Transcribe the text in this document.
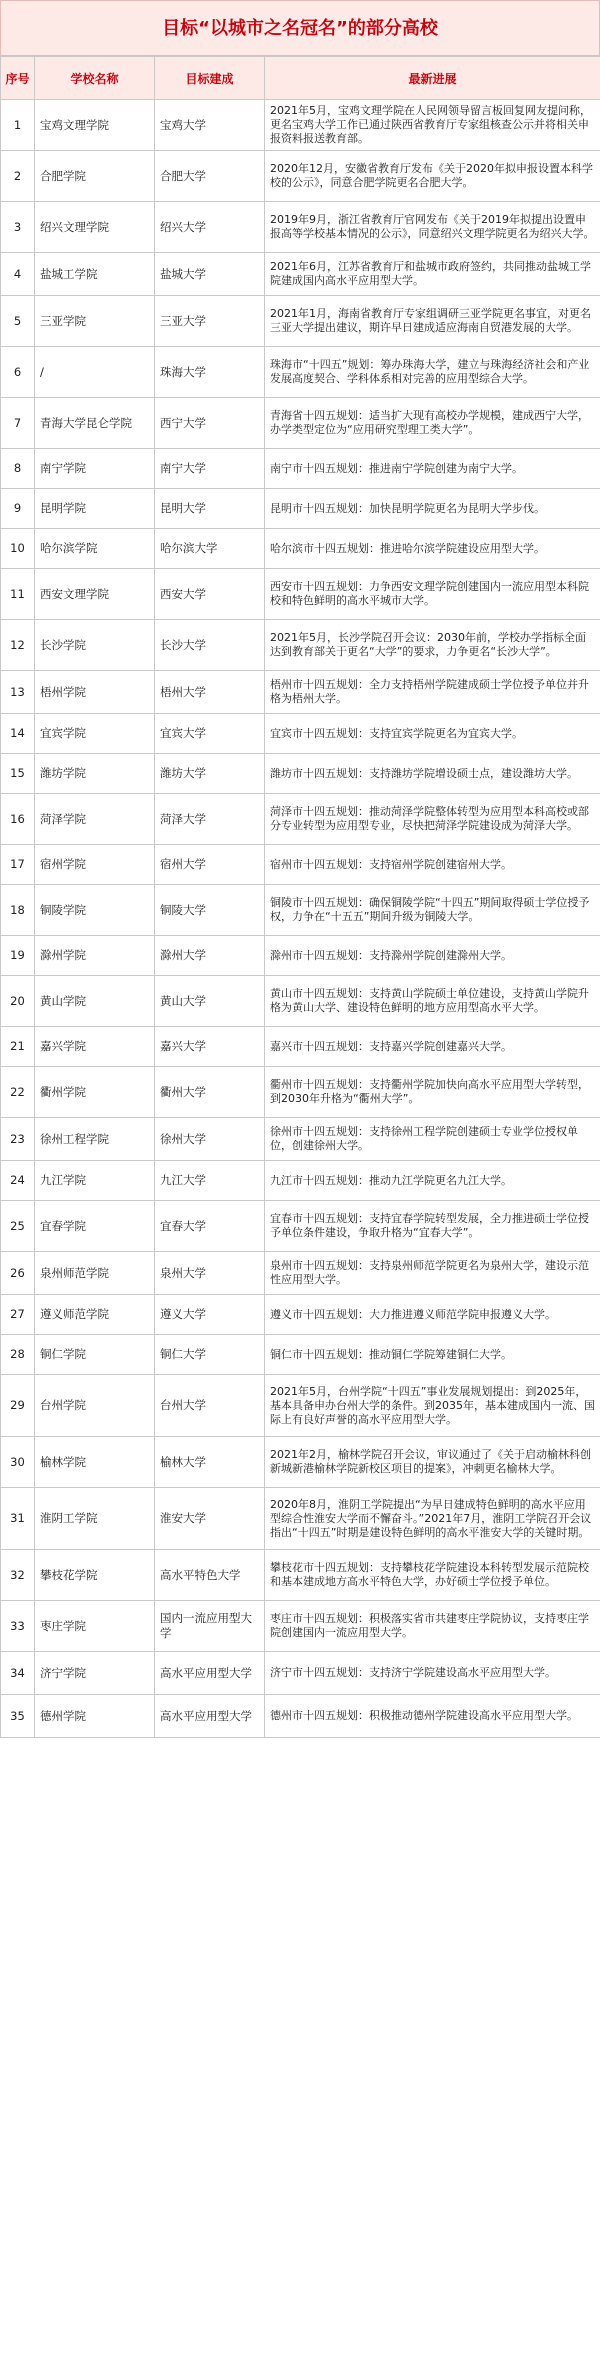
目标“以城市之名冠名”的部分高校
序号	学校名称	目标建成	最新进展
1	宝鸡文理学院	宝鸡大学	2021年5月，宝鸡文理学院在人民网领导留言板回复网友提问称，更名宝鸡大学工作已通过陕西省教育厅专家组核查公示并将相关申报资料报送教育部。
2	合肥学院	合肥大学	2020年12月，安徽省教育厅发布《关于2020年拟申报设置本科学校的公示》，同意合肥学院更名合肥大学。
3	绍兴文理学院	绍兴大学	2019年9月，浙江省教育厅官网发布《关于2019年拟提出设置申报高等学校基本情况的公示》，同意绍兴文理学院更名为绍兴大学。
4	盐城工学院	盐城大学	2021年6月，江苏省教育厅和盐城市政府签约，共同推动盐城工学院建成国内高水平应用型大学。
5	三亚学院	三亚大学	2021年1月，海南省教育厅专家组调研三亚学院更名事宜，对更名三亚大学提出建议，期许早日建成适应海南自贸港发展的大学。
6	/	珠海大学	珠海市“十四五”规划：筹办珠海大学，建立与珠海经济社会和产业发展高度契合、学科体系相对完善的应用型综合大学。
7	青海大学昆仑学院	西宁大学	青海省十四五规划：适当扩大现有高校办学规模，建成西宁大学，办学类型定位为“应用研究型理工类大学”。
8	南宁学院	南宁大学	南宁市十四五规划：推进南宁学院创建为南宁大学。
9	昆明学院	昆明大学	昆明市十四五规划：加快昆明学院更名为昆明大学步伐。
10	哈尔滨学院	哈尔滨大学	哈尔滨市十四五规划：推进哈尔滨学院建设应用型大学。
11	西安文理学院	西安大学	西安市十四五规划：力争西安文理学院创建国内一流应用型本科院校和特色鲜明的高水平城市大学。
12	长沙学院	长沙大学	2021年5月，长沙学院召开会议：2030年前，学校办学指标全面达到教育部关于更名“大学”的要求，力争更名“长沙大学”。
13	梧州学院	梧州大学	梧州市十四五规划：全力支持梧州学院建成硕士学位授予单位并升格为梧州大学。
14	宜宾学院	宜宾大学	宜宾市十四五规划：支持宜宾学院更名为宜宾大学。
15	潍坊学院	潍坊大学	潍坊市十四五规划：支持潍坊学院增设硕士点，建设潍坊大学。
16	菏泽学院	菏泽大学	菏泽市十四五规划：推动菏泽学院整体转型为应用型本科高校或部分专业转型为应用型专业，尽快把菏泽学院建设成为菏泽大学。
17	宿州学院	宿州大学	宿州市十四五规划：支持宿州学院创建宿州大学。
18	铜陵学院	铜陵大学	铜陵市十四五规划：确保铜陵学院“十四五”期间取得硕士学位授予权，力争在“十五五”期间升级为铜陵大学。
19	滁州学院	滁州大学	滁州市十四五规划：支持滁州学院创建滁州大学。
20	黄山学院	黄山大学	黄山市十四五规划：支持黄山学院硕士单位建设，支持黄山学院升格为黄山大学、建设特色鲜明的地方应用型高水平大学。
21	嘉兴学院	嘉兴大学	嘉兴市十四五规划：支持嘉兴学院创建嘉兴大学。
22	衢州学院	衢州大学	衢州市十四五规划：支持衢州学院加快向高水平应用型大学转型，到2030年升格为“衢州大学”。
23	徐州工程学院	徐州大学	徐州市十四五规划：支持徐州工程学院创建硕士专业学位授权单位，创建徐州大学。
24	九江学院	九江大学	九江市十四五规划：推动九江学院更名九江大学。
25	宜春学院	宜春大学	宜春市十四五规划：支持宜春学院转型发展，全力推进硕士学位授予单位条件建设，争取升格为“宜春大学”。
26	泉州师范学院	泉州大学	泉州市十四五规划：支持泉州师范学院更名为泉州大学，建设示范性应用型大学。
27	遵义师范学院	遵义大学	遵义市十四五规划：大力推进遵义师范学院申报遵义大学。
28	铜仁学院	铜仁大学	铜仁市十四五规划：推动铜仁学院筹建铜仁大学。
29	台州学院	台州大学	2021年5月，台州学院“十四五”事业发展规划提出：到2025年，基本具备申办台州大学的条件。到2035年，基本建成国内一流、国际上有良好声誉的高水平应用型大学。
30	榆林学院	榆林大学	2021年2月，榆林学院召开会议，审议通过了《关于启动榆林科创新城新港榆林学院新校区项目的提案》，冲刺更名榆林大学。
31	淮阴工学院	淮安大学	2020年8月，淮阴工学院提出“为早日建成特色鲜明的高水平应用型综合性淮安大学而不懈奋斗。”2021年7月，淮阴工学院召开会议指出“十四五”时期是建设特色鲜明的高水平淮安大学的关键时期。
32	攀枝花学院	高水平特色大学	攀枝花市十四五规划：支持攀枝花学院建设本科转型发展示范院校和基本建成地方高水平特色大学，办好硕士学位授予单位。
33	枣庄学院	国内一流应用型大学	枣庄市十四五规划：积极落实省市共建枣庄学院协议，支持枣庄学院创建国内一流应用型大学。
34	济宁学院	高水平应用型大学	济宁市十四五规划：支持济宁学院建设高水平应用型大学。
35	德州学院	高水平应用型大学	德州市十四五规划：积极推动德州学院建设高水平应用型大学。
